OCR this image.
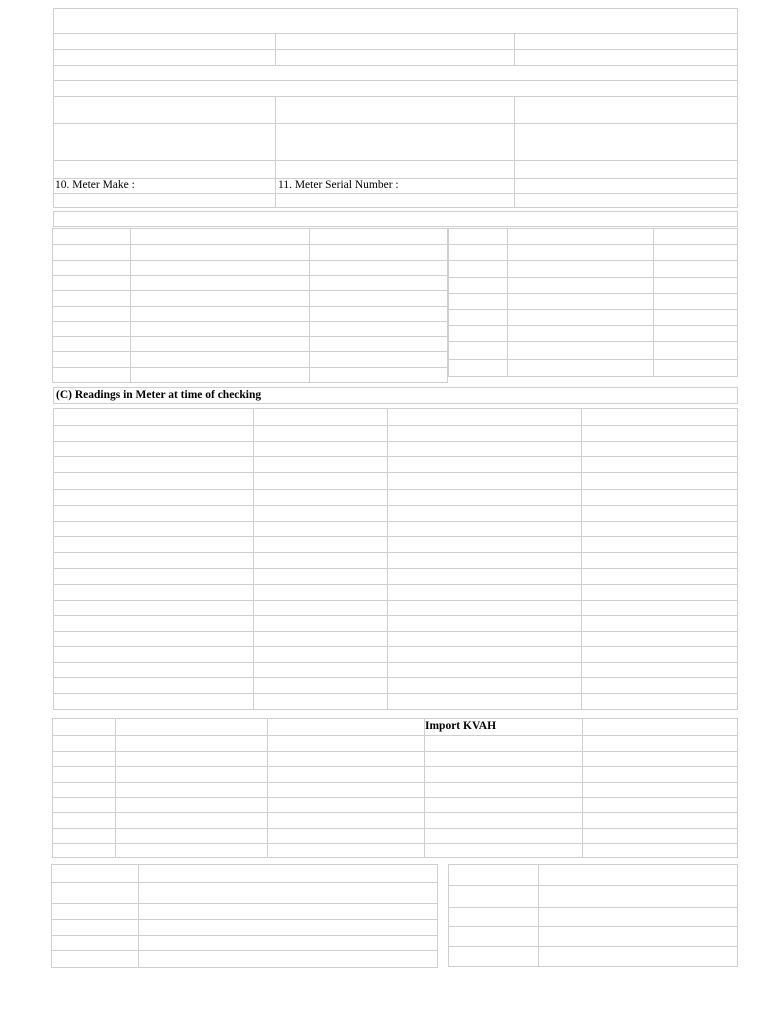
10. Meter Make :	11. Meter Serial Number :
(C) Readings in Meter at time of checking
Import KVAH
